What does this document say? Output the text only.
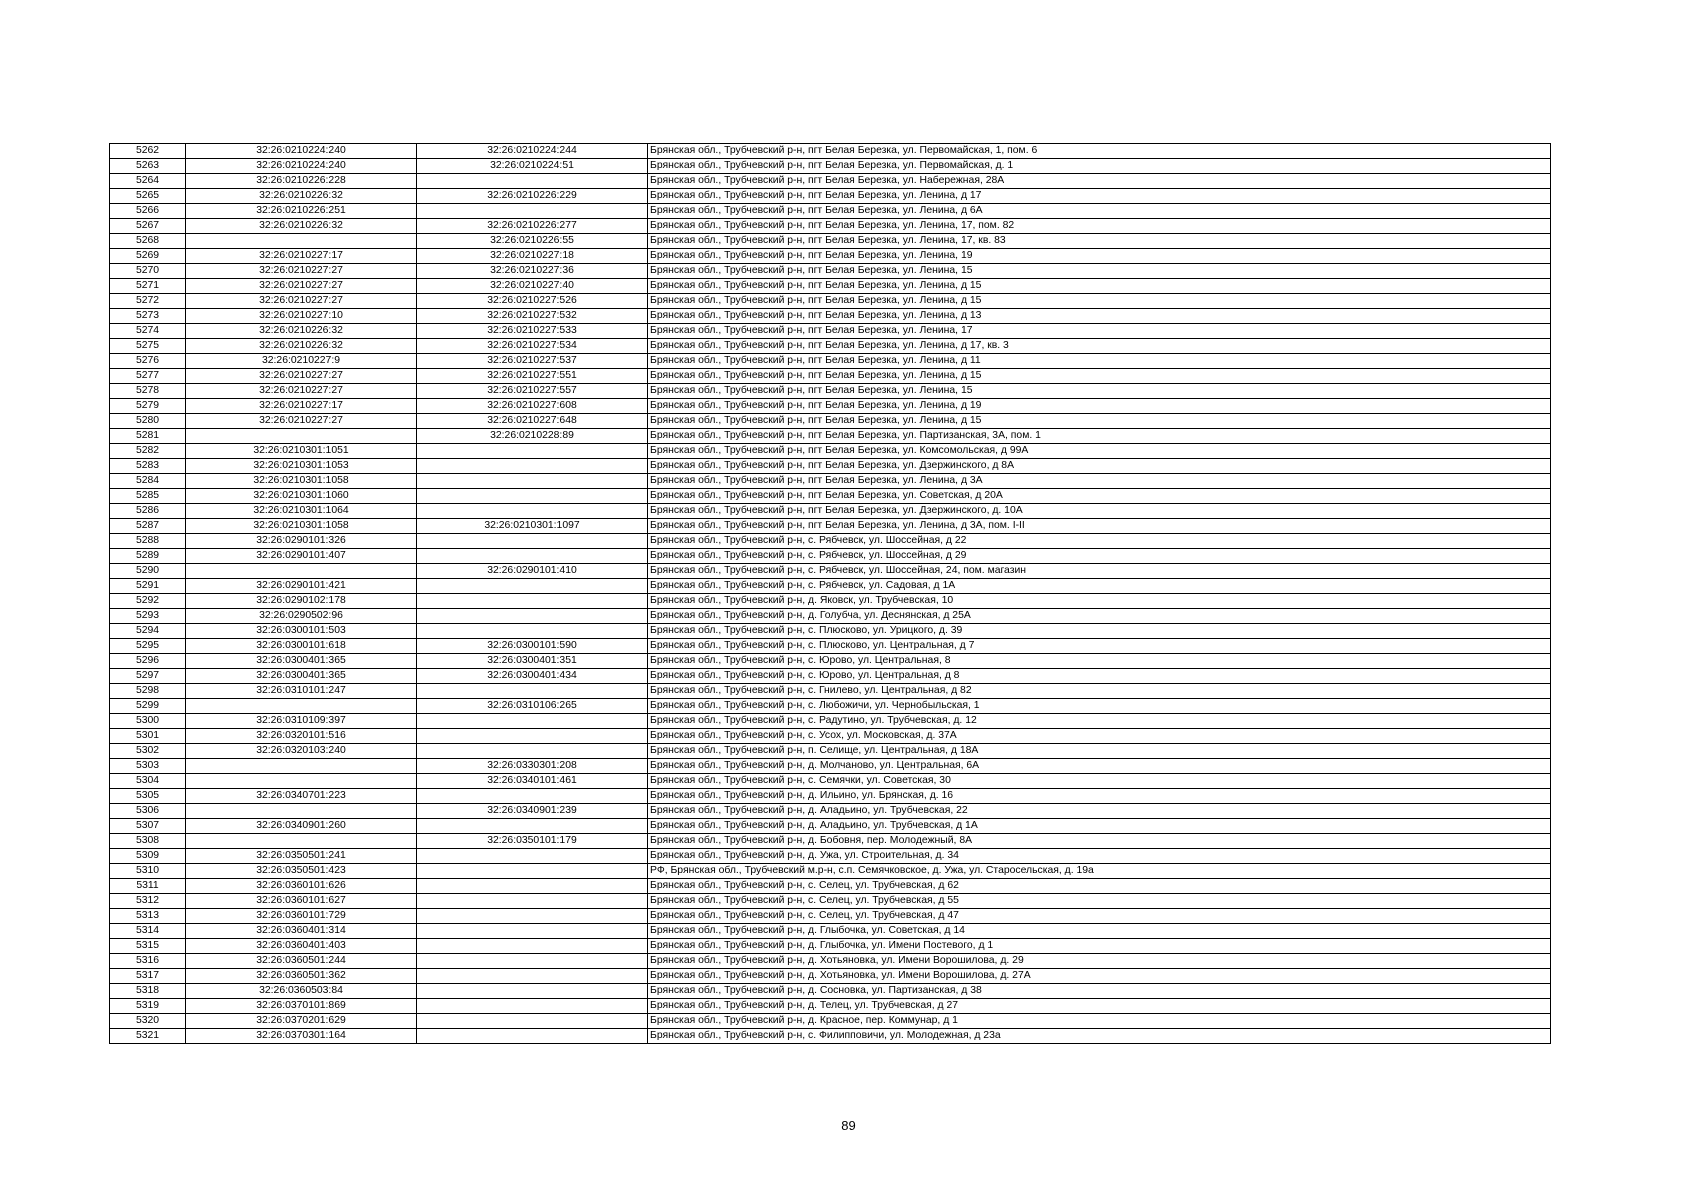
5262	32:26:0210224:240	32:26:0210224:244	Брянская обл., Трубчевский р-н, пгт Белая Березка, ул. Первомайская, 1, пом. 6
5263	32:26:0210224:240	32:26:0210224:51	Брянская обл., Трубчевский р-н, пгт Белая Березка, ул. Первомайская, д. 1
5264	32:26:0210226:228		Брянская обл., Трубчевский р-н, пгт Белая Березка, ул. Набережная, 28А
5265	32:26:0210226:32	32:26:0210226:229	Брянская обл., Трубчевский р-н, пгт Белая Березка, ул. Ленина, д 17
5266	32:26:0210226:251		Брянская обл., Трубчевский р-н, пгт Белая Березка, ул. Ленина, д 6А
5267	32:26:0210226:32	32:26:0210226:277	Брянская обл., Трубчевский р-н, пгт Белая Березка, ул. Ленина, 17, пом. 82
5268		32:26:0210226:55	Брянская обл., Трубчевский р-н, пгт Белая Березка, ул. Ленина, 17, кв. 83
5269	32:26:0210227:17	32:26:0210227:18	Брянская обл., Трубчевский р-н, пгт Белая Березка, ул. Ленина, 19
5270	32:26:0210227:27	32:26:0210227:36	Брянская обл., Трубчевский р-н, пгт Белая Березка, ул. Ленина, 15
5271	32:26:0210227:27	32:26:0210227:40	Брянская обл., Трубчевский р-н, пгт Белая Березка, ул. Ленина, д 15
5272	32:26:0210227:27	32:26:0210227:526	Брянская обл., Трубчевский р-н, пгт Белая Березка, ул. Ленина, д 15
5273	32:26:0210227:10	32:26:0210227:532	Брянская обл., Трубчевский р-н, пгт Белая Березка, ул. Ленина, д 13
5274	32:26:0210226:32	32:26:0210227:533	Брянская обл., Трубчевский р-н, пгт Белая Березка, ул. Ленина, 17
5275	32:26:0210226:32	32:26:0210227:534	Брянская обл., Трубчевский р-н, пгт Белая Березка, ул. Ленина, д 17, кв. 3
5276	32:26:0210227:9	32:26:0210227:537	Брянская обл., Трубчевский р-н, пгт Белая Березка, ул. Ленина, д 11
5277	32:26:0210227:27	32:26:0210227:551	Брянская обл., Трубчевский р-н, пгт Белая Березка, ул. Ленина, д 15
5278	32:26:0210227:27	32:26:0210227:557	Брянская обл., Трубчевский р-н, пгт Белая Березка, ул. Ленина, 15
5279	32:26:0210227:17	32:26:0210227:608	Брянская обл., Трубчевский р-н, пгт Белая Березка, ул. Ленина, д 19
5280	32:26:0210227:27	32:26:0210227:648	Брянская обл., Трубчевский р-н, пгт Белая Березка, ул. Ленина, д 15
5281		32:26:0210228:89	Брянская обл., Трубчевский р-н, пгт Белая Березка, ул. Партизанская, 3А, пом. 1
5282	32:26:0210301:1051		Брянская обл., Трубчевский р-н, пгт Белая Березка, ул. Комсомольская, д 99А
5283	32:26:0210301:1053		Брянская обл., Трубчевский р-н, пгт Белая Березка, ул. Дзержинского, д 8А
5284	32:26:0210301:1058		Брянская обл., Трубчевский р-н, пгт Белая Березка, ул. Ленина, д 3А
5285	32:26:0210301:1060		Брянская обл., Трубчевский р-н, пгт Белая Березка, ул. Советская, д 20А
5286	32:26:0210301:1064		Брянская обл., Трубчевский р-н, пгт Белая Березка, ул. Дзержинского, д. 10А
5287	32:26:0210301:1058	32:26:0210301:1097	Брянская обл., Трубчевский р-н, пгт Белая Березка, ул. Ленина, д 3А, пом. I-II
5288	32:26:0290101:326		Брянская обл., Трубчевский р-н, с. Рябчевск, ул. Шоссейная, д 22
5289	32:26:0290101:407		Брянская обл., Трубчевский р-н, с. Рябчевск, ул. Шоссейная, д 29
5290		32:26:0290101:410	Брянская обл., Трубчевский р-н, с. Рябчевск, ул. Шоссейная, 24, пом. магазин
5291	32:26:0290101:421		Брянская обл., Трубчевский р-н, с. Рябчевск, ул. Садовая, д 1А
5292	32:26:0290102:178		Брянская обл., Трубчевский р-н, д. Яковск, ул. Трубчевская, 10
5293	32:26:0290502:96		Брянская обл., Трубчевский р-н, д. Голубча, ул. Деснянская, д 25А
5294	32:26:0300101:503		Брянская обл., Трубчевский р-н, с. Плюсково, ул. Урицкого, д. 39
5295	32:26:0300101:618	32:26:0300101:590	Брянская обл., Трубчевский р-н, с. Плюсково, ул. Центральная, д 7
5296	32:26:0300401:365	32:26:0300401:351	Брянская обл., Трубчевский р-н, с. Юрово, ул. Центральная, 8
5297	32:26:0300401:365	32:26:0300401:434	Брянская обл., Трубчевский р-н, с. Юрово, ул. Центральная, д 8
5298	32:26:0310101:247		Брянская обл., Трубчевский р-н, с. Гнилево, ул. Центральная, д 82
5299		32:26:0310106:265	Брянская обл., Трубчевский р-н, с. Любожичи, ул. Чернобыльская, 1
5300	32:26:0310109:397		Брянская обл., Трубчевский р-н, с. Радутино, ул. Трубчевская, д. 12
5301	32:26:0320101:516		Брянская обл., Трубчевский р-н, с. Усох, ул. Московская, д. 37А
5302	32:26:0320103:240		Брянская обл., Трубчевский р-н, п. Селище, ул. Центральная, д 18А
5303		32:26:0330301:208	Брянская обл., Трубчевский р-н, д. Молчаново, ул. Центральная, 6А
5304		32:26:0340101:461	Брянская обл., Трубчевский р-н, с. Семячки, ул. Советская, 30
5305	32:26:0340701:223		Брянская обл., Трубчевский р-н, д. Ильино, ул. Брянская, д. 16
5306		32:26:0340901:239	Брянская обл., Трубчевский р-н, д. Аладьино, ул. Трубчевская, 22
5307	32:26:0340901:260		Брянская обл., Трубчевский р-н, д. Аладьино, ул. Трубчевская, д 1А
5308		32:26:0350101:179	Брянская обл., Трубчевский р-н, д. Бобовня, пер. Молодежный, 8А
5309	32:26:0350501:241		Брянская обл., Трубчевский р-н, д. Ужа, ул. Строительная, д. 34
5310	32:26:0350501:423		РФ, Брянская обл., Трубчевский м.р-н, с.п. Семячковское, д. Ужа, ул. Старосельская, д. 19а
5311	32:26:0360101:626		Брянская обл., Трубчевский р-н, с. Селец, ул. Трубчевская, д 62
5312	32:26:0360101:627		Брянская обл., Трубчевский р-н, с. Селец, ул. Трубчевская, д 55
5313	32:26:0360101:729		Брянская обл., Трубчевский р-н, с. Селец, ул. Трубчевская, д 47
5314	32:26:0360401:314		Брянская обл., Трубчевский р-н, д. Глыбочка, ул. Советская, д 14
5315	32:26:0360401:403		Брянская обл., Трубчевский р-н, д. Глыбочка, ул. Имени Постевого, д 1
5316	32:26:0360501:244		Брянская обл., Трубчевский р-н, д. Хотьяновка, ул. Имени Ворошилова, д. 29
5317	32:26:0360501:362		Брянская обл., Трубчевский р-н, д. Хотьяновка, ул. Имени Ворошилова, д. 27А
5318	32:26:0360503:84		Брянская обл., Трубчевский р-н, д. Сосновка, ул. Партизанская, д 38
5319	32:26:0370101:869		Брянская обл., Трубчевский р-н, д. Телец, ул. Трубчевская, д 27
5320	32:26:0370201:629		Брянская обл., Трубчевский р-н, д. Красное, пер. Коммунар, д 1
5321	32:26:0370301:164		Брянская обл., Трубчевский р-н, с. Филипповичи, ул. Молодежная, д 23а
89
